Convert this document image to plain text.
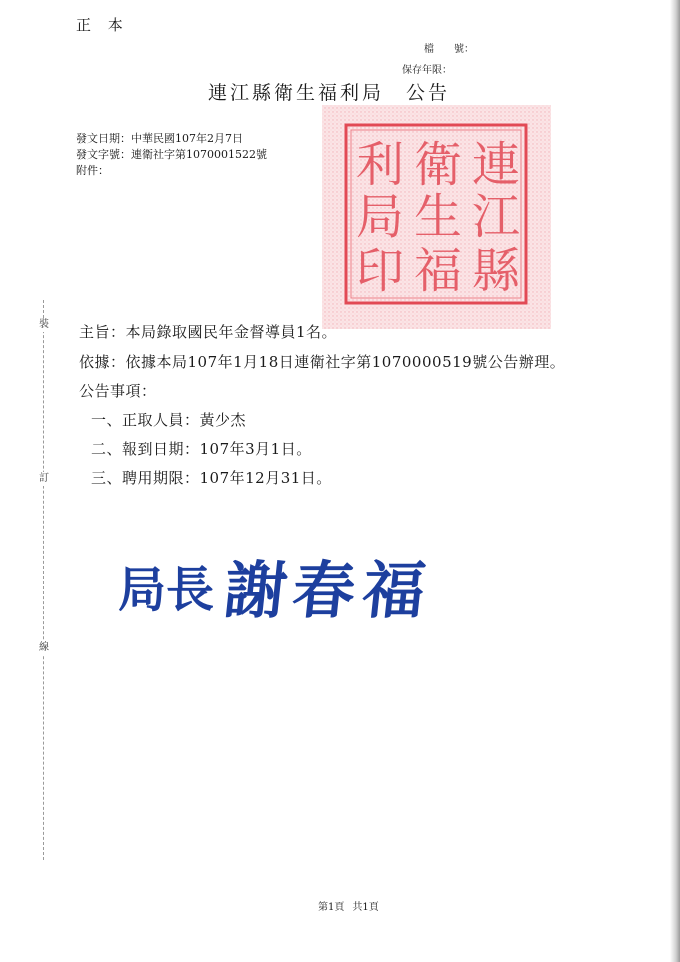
裝
訂
線
正 本
檔　　號：
保存年限：
連江縣衛生福利局 公告
發文日期：中華民國107年2月7日
發文字號：連衛社字第1070001522號
附件：	連
江
縣
衛
生
福
利
局
印
主旨：本局錄取國民年金督導員1名。
依據：依據本局107年1月18日連衛社字第1070000519號公告辦理。
公告事項：
一、正取人員：黃少杰
二、報到日期：107年3月1日。
三、聘用期限：107年12月31日。
局 長 謝
春 福
第1頁 共1頁
